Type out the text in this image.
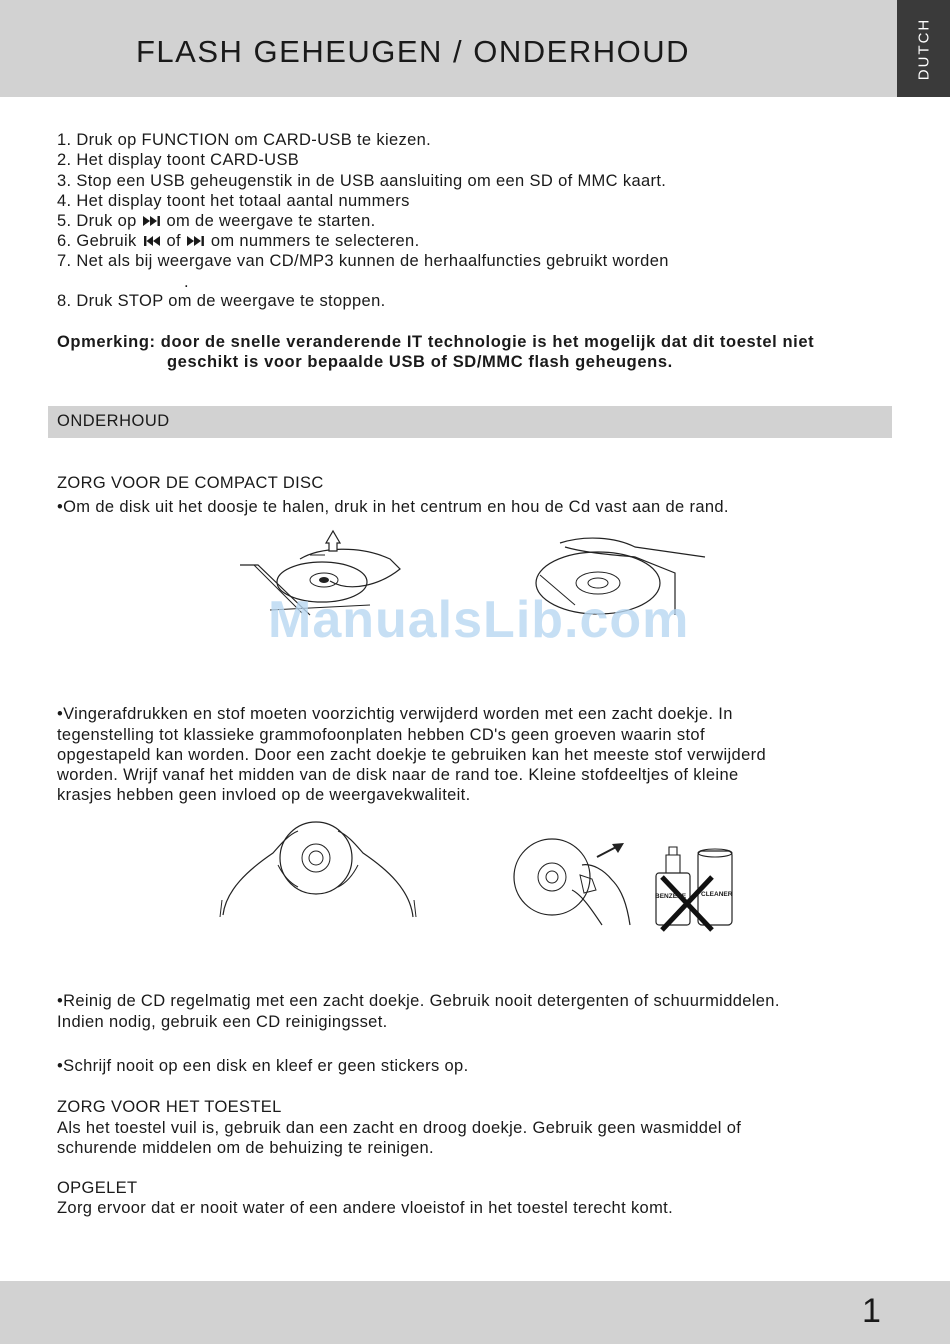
FLASH GEHEUGEN / ONDERHOUD	DUTCH
1. Druk op FUNCTION om CARD-USB te kiezen.
2. Het display toont CARD-USB
3. Stop een USB geheugenstik in de USB aansluiting om een SD of MMC kaart.
4. Het display toont het totaal aantal nummers
5. Druk op  om de weergave te starten.
6. Gebruik  of  om nummers te selecteren.
7. Net als bij weergave van CD/MP3 kunnen de herhaalfuncties gebruikt worden
.
8. Druk STOP om de weergave te stoppen.
Opmerking: door de snelle veranderende IT technologie is het mogelijk dat dit toestel niet
geschikt is voor bepaalde USB of SD/MMC flash geheugens.
ONDERHOUD
ZORG VOOR DE COMPACT DISC
•Om de disk uit het doosje te halen, druk in het centrum en hou de Cd vast aan de rand.
ManualsLib.com
•Vingerafdrukken en stof moeten voorzichtig verwijderd worden met een zacht doekje. In
tegenstelling tot klassieke grammofoonplaten hebben CD's geen groeven waarin stof
opgestapeld kan worden. Door een zacht doekje te gebruiken kan het meeste stof verwijderd
worden. Wrijf vanaf het midden van de disk naar de rand toe. Kleine stofdeeltjes of kleine
krasjes hebben geen invloed op de weergavekwaliteit.
BENZENE CLEANER
•Reinig de CD regelmatig met een zacht doekje. Gebruik nooit detergenten of schuurmiddelen.
Indien nodig, gebruik een CD reinigingsset.
•Schrijf nooit op een disk en kleef er geen stickers op.
ZORG VOOR HET TOESTEL
Als het toestel vuil is, gebruik dan een zacht en droog doekje. Gebruik geen wasmiddel of
schurende middelen om de behuizing te reinigen.
OPGELET
Zorg ervoor dat er nooit water of een andere vloeistof in het toestel terecht komt.
1
